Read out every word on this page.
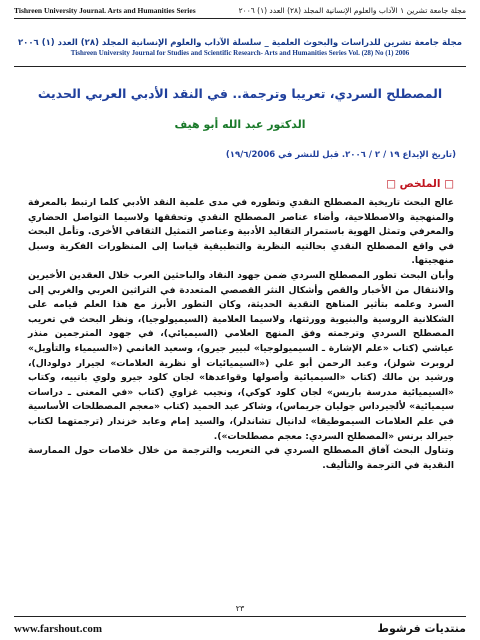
Tishreen University Journal. Arts and Humanities Series	مجلة جامعة تشرين ١ الآداب والعلوم الإنسانية المجلد (٢٨) العدد (١) ٢٠٠٦
مجلة جامعة تشرين للدراسات والبحوث العلمية _ سلسلة الآداب والعلوم الإنسانية المجلد (٢٨) العدد (١) ٢٠٠٦
Tishreen University Journal for Studies and Scientific Research- Arts and Humanities Series Vol. (28) No (1) 2006
المصطلح السردي، تعريبا وترجمة.. في النقد الأدبي العربي الحديث
الدكتور عبد الله أبو هيف
(تاريخ الإيداع ١٩ / ٢ / ٢٠٠٦. قبل للنشر في ١٩/٦/2006)
□ الملخص □

عالج البحث تاريخية المصطلح النقدي وتطوره في مدى علمية النقد الأدبي كلما ارتبط بالمعرفة والمنهجية والاصطلاحية، وأضاء عناصر المصطلح النقدي وتحققها ولاسيما التواصل الحضاري والمعرفي وتمثل الهوية باستمرار التقاليد الأدبية وعناصر التمثيل الثقافي الأخرى. وتأمل البحث في واقع المصطلح النقدي بحالتيه النظرية والتطبيقية قياسا إلى المنظورات الفكرية وسبل منهجيتها.

وأبان البحث تطور المصطلح السردي ضمن جهود النقاد والباحثين العرب خلال العقدين الأخيرين والانتقال من الأخبار والقص وأشكال النثر القصصي المتعددة في التراثين العربي والغربي إلى السرد وعلمه بتأثير المناهج النقدية الحديثة، وكان التطور الأبرز مع هذا العلم قيامه على الشكلانية الروسية والبنيوية وورثتها، ولاسيما العلامية (السيميولوجيا)، ونظر البحث في تعريب المصطلح السردي وترجمته وفق المنهج العلامي (السيميائي)، في جهود المترجمين منذر عياشي (كتاب «علم الإشارة ـ السيميولوجيا» لبيير جيرو)، وسعيد الغانمي («السيمياء والتأويل» لروبرت شولز)، وعبد الرحمن أبو علي («السيميائيات أو نظرية العلامات» لجيرار دولودال)، ورشيد بن مالك (كتاب «السيميائية وأصولها وقواعدها» لجان كلود جيرو ولوي باتييه، وكتاب «السيميائية مدرسة باريس» لجان كلود كوكي)، ونجيب غزاوي (كتاب «في المعنى ـ دراسات سيميائية» لألجيرداس جوليان جريماس)، وشاكر عبد الحميد (كتاب «معجم المصطلحات الأساسية في علم العلامات السيموطيقا» لدانيال تشاندلر)، والسيد إمام وعابد خزندار (ترجمتهما لكتاب جيرالد برنس «المصطلح السردي: معجم مصطلحات»).

وتناول البحث آفاق المصطلح السردي في التعريب والترجمة من خلال خلاصات حول الممارسة النقدية في الترجمة والتأليف.

٢٣
www.farshout.com	منتديات فرشوط
